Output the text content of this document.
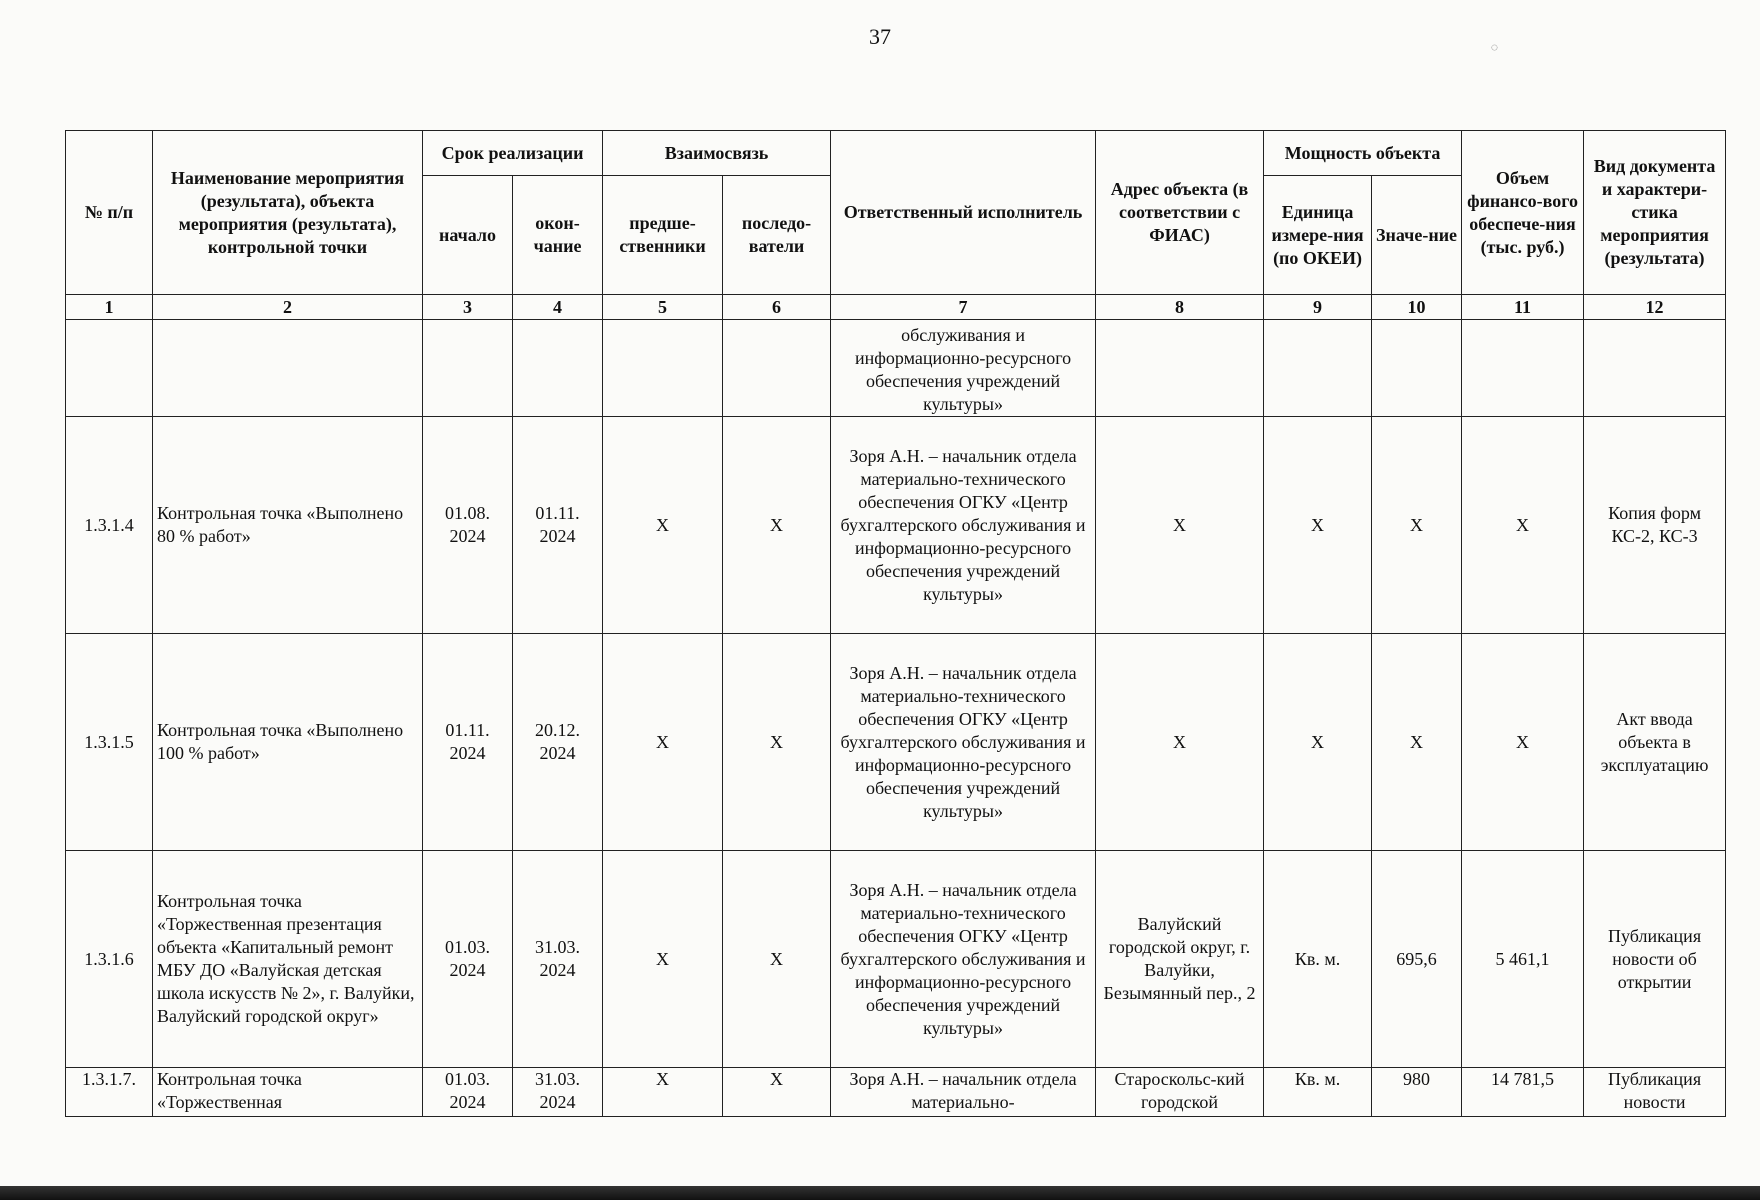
37	◌
№ п/п	Наименование мероприятия (результата), объекта мероприятия (результата), контрольной точки	Срок реализации		Взаимосвязь		Ответственный исполнитель	Адрес объекта (в соответствии с ФИАС)	Мощность объекта		Объем финансо-вого обеспече-ния (тыс. руб.)	Вид документа и характери-стика мероприятия (результата)
		начало	окон-чание	предше-ственники	последо-ватели			Единица измере-ния (по ОКЕИ)	Значе-ние		
1	2	3	4	5	6	7	8	9	10	11	12
						обслуживания и информационно-ресурсного обеспечения учреждений культуры»					
1.3.1.4	Контрольная точка «Выполнено 80 % работ»	01.08. 2024	01.11. 2024	Х	Х	Зоря А.Н. – начальник отдела материально-технического обеспечения ОГКУ «Центр бухгалтерского обслуживания и информационно-ресурсного обеспечения учреждений культуры»	Х	Х	Х	Х	Копия форм КС-2, КС-3
1.3.1.5	Контрольная точка «Выполнено 100 % работ»	01.11. 2024	20.12. 2024	Х	Х	Зоря А.Н. – начальник отдела материально-технического обеспечения ОГКУ «Центр бухгалтерского обслуживания и информационно-ресурсного обеспечения учреждений культуры»	Х	Х	Х	Х	Акт ввода объекта в эксплуатацию
1.3.1.6	Контрольная точка «Торжественная презентация объекта «Капитальный ремонт МБУ ДО «Валуйская детская школа искусств № 2», г. Валуйки, Валуйский городской округ»	01.03. 2024	31.03. 2024	Х	Х	Зоря А.Н. – начальник отдела материально-технического обеспечения ОГКУ «Центр бухгалтерского обслуживания и информационно-ресурсного обеспечения учреждений культуры»	Валуйский городской округ, г. Валуйки, Безымянный пер., 2	Кв. м.	695,6	5 461,1	Публикация новости об открытии
1.3.1.7.	Контрольная точка «Торжественная	01.03. 2024	31.03. 2024	Х	Х	Зоря А.Н. – начальник отдела материально-	Староскольс-кий городской	Кв. м.	980	14 781,5	Публикация новости
